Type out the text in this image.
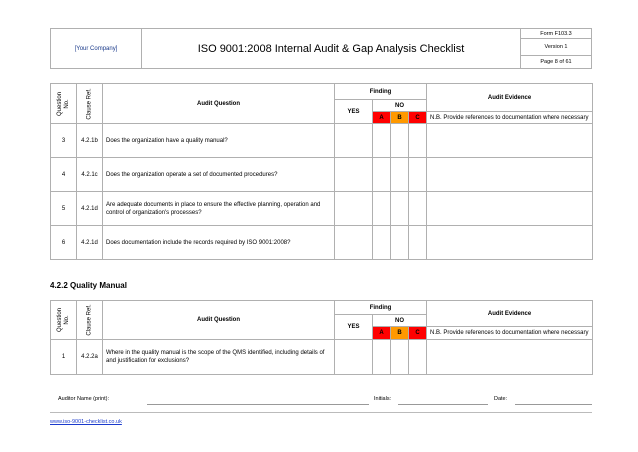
[Your Company]	ISO 9001:2008 Internal Audit & Gap Analysis Checklist	Form F103.3
Version 1
Page 8 of 61
Question No.	Clause Ref.	Audit Question	Finding				Audit Evidence
			YES	NO			
				A	B	C	N.B. Provide references to documentation where necessary
3	4.2.1b	Does the organization have a quality manual?					
4	4.2.1c	Does the organization operate a set of documented procedures?					
5	4.2.1d	Are adequate documents in place to ensure the effective planning, operation and control of organization's processes?					
6	4.2.1d	Does documentation include the records required by ISO 9001:2008?					
4.2.2 Quality Manual
Question No.	Clause Ref.	Audit Question	Finding				Audit Evidence
			YES	NO			
				A	B	C	N.B. Provide references to documentation where necessary
1	4.2.2a	Where in the quality manual is the scope of the QMS identified, including details of and justification for exclusions?					
Auditor Name (print):	Initials:	Date:
www.iso-9001-checklist.co.uk
